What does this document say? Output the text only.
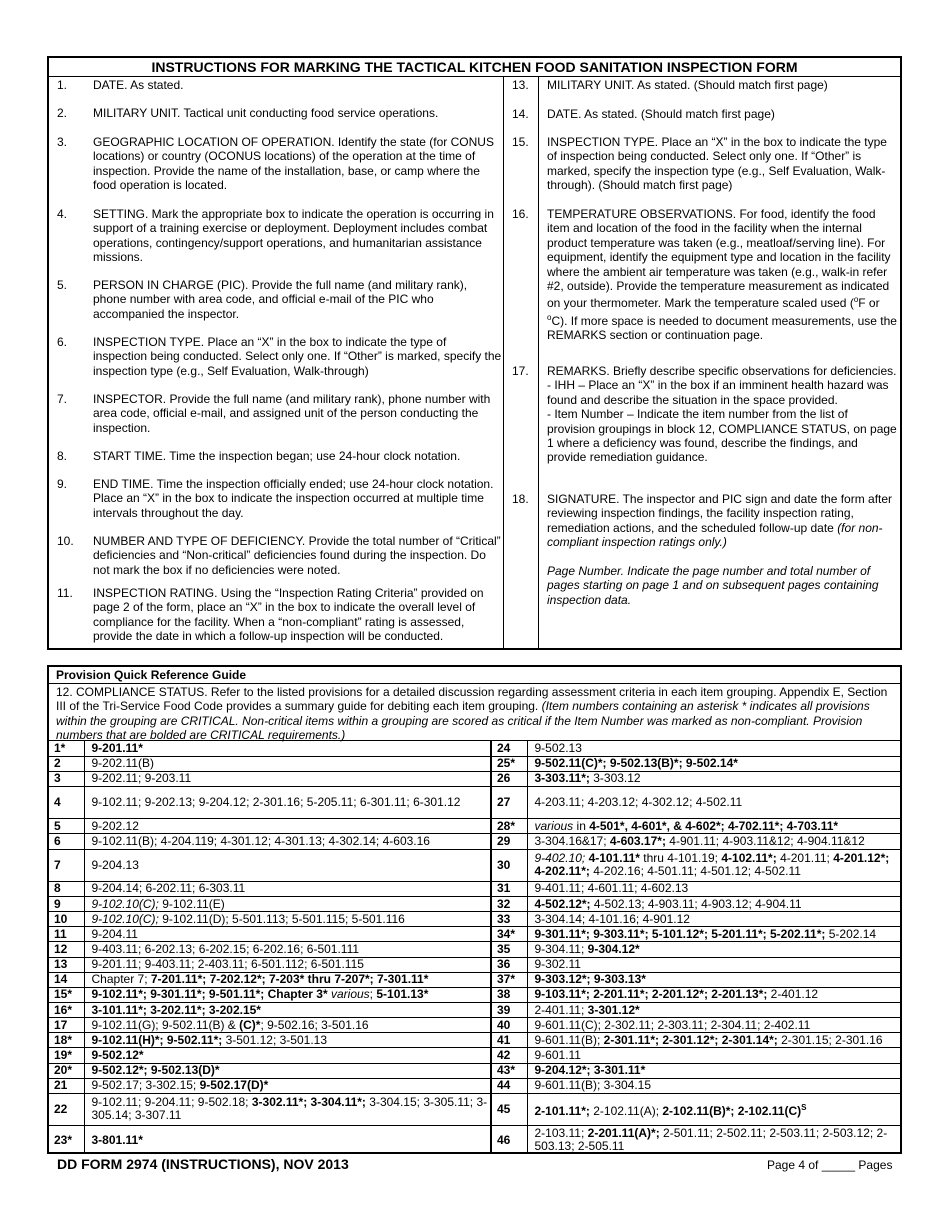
INSTRUCTIONS FOR MARKING THE TACTICAL KITCHEN FOOD SANITATION INSPECTION FORM
1. DATE. As stated.
2. MILITARY UNIT. Tactical unit conducting food service operations.
3. GEOGRAPHIC LOCATION OF OPERATION. Identify the state (for CONUS locations) or country (OCONUS locations) of the operation at the time of inspection. Provide the name of the installation, base, or camp where the food operation is located.
4. SETTING. Mark the appropriate box to indicate the operation is occurring in support of a training exercise or deployment. Deployment includes combat operations, contingency/support operations, and humanitarian assistance missions.
5. PERSON IN CHARGE (PIC). Provide the full name (and military rank), phone number with area code, and official e-mail of the PIC who accompanied the inspector.
6. INSPECTION TYPE. Place an “X” in the box to indicate the type of inspection being conducted. Select only one. If “Other” is marked, specify the inspection type (e.g., Self Evaluation, Walk-through)
7. INSPECTOR. Provide the full name (and military rank), phone number with area code, official e-mail, and assigned unit of the person conducting the inspection.
8. START TIME. Time the inspection began; use 24-hour clock notation.
9. END TIME. Time the inspection officially ended; use 24-hour clock notation. Place an “X” in the box to indicate the inspection occurred at multiple time intervals throughout the day.
10. NUMBER AND TYPE OF DEFICIENCY. Provide the total number of “Critical” deficiencies and “Non-critical” deficiencies found during the inspection. Do not mark the box if no deficiencies were noted.
11. INSPECTION RATING. Using the “Inspection Rating Criteria” provided on page 2 of the form, place an “X” in the box to indicate the overall level of compliance for the facility. When a “non-compliant” rating is assessed, provide the date in which a follow-up inspection will be conducted.
13. MILITARY UNIT. As stated. (Should match first page)
14. DATE. As stated. (Should match first page)
15. INSPECTION TYPE. Place an “X” in the box to indicate the type of inspection being conducted. Select only one. If “Other” is marked, specify the inspection type (e.g., Self Evaluation, Walk-through). (Should match first page)
16. TEMPERATURE OBSERVATIONS. For food, identify the food item and location of the food in the facility when the internal product temperature was taken (e.g., meatloaf/serving line). For equipment, identify the equipment type and location in the facility where the ambient air temperature was taken (e.g., walk-in refer #2, outside). Provide the temperature measurement as indicated on your thermometer. Mark the temperature scaled used ($^o$F or $^o$C). If more space is needed to document measurements, use the REMARKS section or continuation page.
17. REMARKS. Briefly describe specific observations for deficiencies.
- IHH – Place an “X” in the box if an imminent health hazard was found and describe the situation in the space provided.
- Item Number – Indicate the item number from the list of provision groupings in block 12, COMPLIANCE STATUS, on page 1 where a deficiency was found, describe the findings, and provide remediation guidance.
18. SIGNATURE. The inspector and PIC sign and date the form after reviewing inspection findings, the facility inspection rating, remediation actions, and the scheduled follow-up date (for non-compliant inspection ratings only.)
Page Number. Indicate the page number and total number of pages starting on page 1 and on subsequent pages containing inspection data.
Provision Quick Reference Guide
12. COMPLIANCE STATUS. Refer to the listed provisions for a detailed discussion regarding assessment criteria in each item grouping. Appendix E, Section III of the Tri-Service Food Code provides a summary guide for debiting each item grouping. (Item numbers containing an asterisk * indicates all provisions within the grouping are CRITICAL. Non-critical items within a grouping are scored as critical if the Item Number was marked as non-compliant. Provision numbers that are bolded are CRITICAL requirements.)
1*	9-201.11*
2	9-202.11(B)
3	9-202.11; 9-203.11
4	9-102.11; 9-202.13; 9-204.12; 2-301.16; 5-205.11; 6-301.11; 6-301.12
5	9-202.12
6	9-102.11(B); 4-204.119; 4-301.12; 4-301.13; 4-302.14; 4-603.16
7	9-204.13
8	9-204.14; 6-202.11; 6-303.11
9	9-102.10(C); 9-102.11(E)
10	9-102.10(C); 9-102.11(D); 5-501.113; 5-501.115; 5-501.116
11	9-204.11
12	9-403.11; 6-202.13; 6-202.15; 6-202.16; 6-501.111
13	9-201.11; 9-403.11; 2-403.11; 6-501.112; 6-501.115
14	Chapter 7; 7-201.11*; 7-202.12*; 7-203* thru 7-207*; 7-301.11*
15*	9-102.11*; 9-301.11*; 9-501.11*; Chapter 3* various; 5-101.13*
16*	3-101.11*; 3-202.11*; 3-202.15*
17	9-102.11(G); 9-502.11(B) & (C)*; 9-502.16; 3-501.16
18*	9-102.11(H)*; 9-502.11*; 3-501.12; 3-501.13
19*	9-502.12*
20*	9-502.12*; 9-502.13(D)*
21	9-502.17; 3-302.15; 9-502.17(D)*
22	9-102.11; 9-204.11; 9-502.18; 3-302.11*; 3-304.11*; 3-304.15; 3-305.11; 3-305.14; 3-307.11
23*	3-801.11*
24	9-502.13
25*	9-502.11(C)*; 9-502.13(B)*; 9-502.14*
26	3-303.11*; 3-303.12
27	4-203.11; 4-203.12; 4-302.12; 4-502.11
28*	various in 4-501*, 4-601*, & 4-602*; 4-702.11*; 4-703.11*
29	3-304.16&17; 4-603.17*; 4-901.11; 4-903.11&12; 4-904.11&12
30	9-402.10; 4-101.11* thru 4-101.19; 4-102.11*; 4-201.11; 4-201.12*; 4-202.11*; 4-202.16; 4-501.11; 4-501.12; 4-502.11
31	9-401.11; 4-601.11; 4-602.13
32	4-502.12*; 4-502.13; 4-903.11; 4-903.12; 4-904.11
33	3-304.14; 4-101.16; 4-901.12
34*	9-301.11*; 9-303.11*; 5-101.12*; 5-201.11*; 5-202.11*; 5-202.14
35	9-304.11; 9-304.12*
36	9-302.11
37*	9-303.12*; 9-303.13*
38	9-103.11*; 2-201.11*; 2-201.12*; 2-201.13*; 2-401.12
39	2-401.11; 3-301.12*
40	9-601.11(C); 2-302.11; 2-303.11; 2-304.11; 2-402.11
41	9-601.11(B); 2-301.11*; 2-301.12*; 2-301.14*; 2-301.15; 2-301.16
42	9-601.11
43*	9-204.12*; 3-301.11*
44	9-601.11(B); 3-304.15
45	2-101.11*; 2-102.11(A); 2-102.11(B)*; $2-102.11(C)^S$
46	2-103.11; 2-201.11(A)*; 2-501.11; 2-502.11; 2-503.11; 2-503.12; 2-503.13; 2-505.11
DD FORM 2974 (INSTRUCTIONS), NOV 2013	Page 4 of _____ Pages
